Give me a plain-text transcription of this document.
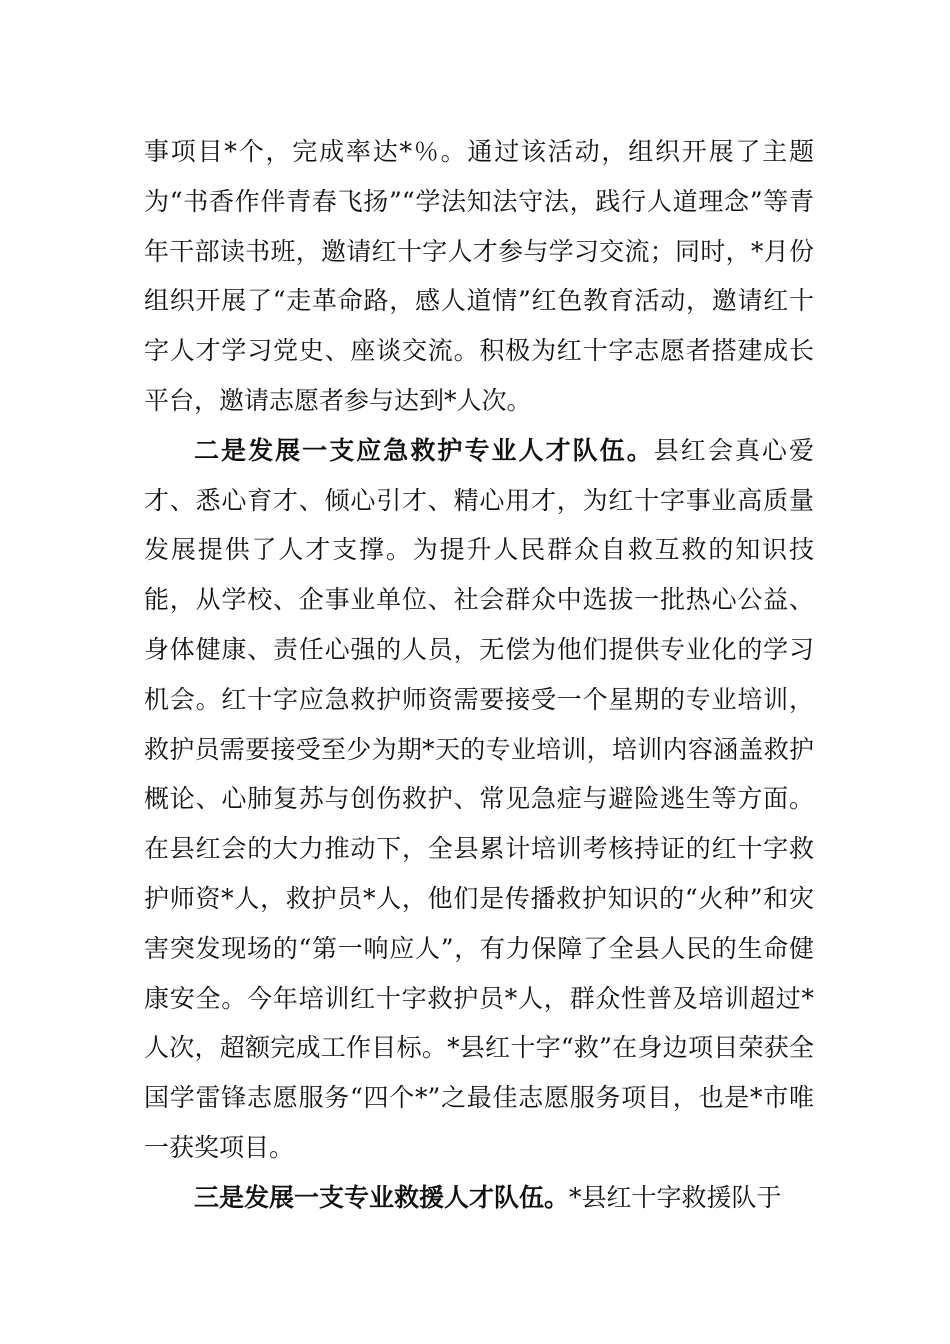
事项目*个，完成率达*％。通过该活动，组织开展了主题为“书香作伴青春飞扬”“学法知法守法，践行人道理念”等青年干部读书班，邀请红十字人才参与学习交流；同时，*月份组织开展了“走革命路，感人道情”红色教育活动，邀请红十字人才学习党史、座谈交流。积极为红十字志愿者搭建成长平台，邀请志愿者参与达到*人次。

二是发展一支应急救护专业人才队伍。县红会真心爱才、悉心育才、倾心引才、精心用才，为红十字事业高质量发展提供了人才支撑。为提升人民群众自救互救的知识技能，从学校、企事业单位、社会群众中选拔一批热心公益、身体健康、责任心强的人员，无偿为他们提供专业化的学习机会。红十字应急救护师资需要接受一个星期的专业培训，救护员需要接受至少为期*天的专业培训，培训内容涵盖救护概论、心肺复苏与创伤救护、常见急症与避险逃生等方面。在县红会的大力推动下，全县累计培训考核持证的红十字救护师资*人，救护员*人，他们是传播救护知识的“火种”和灾害突发现场的“第一响应人”，有力保障了全县人民的生命健康安全。今年培训红十字救护员*人，群众性普及培训超过*人次，超额完成工作目标。*县红十字“救”在身边项目荣获全国学雷锋志愿服务“四个*”之最佳志愿服务项目，也是*市唯一获奖项目。

三是发展一支专业救援人才队伍。*县红十字救援队于
